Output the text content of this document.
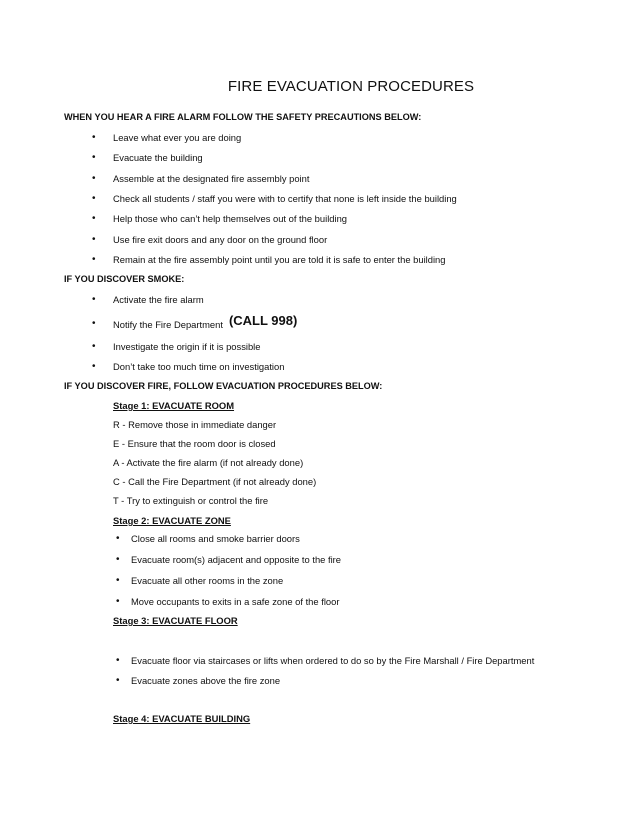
FIRE EVACUATION PROCEDURES
WHEN YOU HEAR A FIRE ALARM FOLLOW THE SAFETY PRECAUTIONS BELOW:
• Leave what ever you are doing
• Evacuate the building
• Assemble at the designated fire assembly point
• Check all students / staff you were with to certify that none is left inside the building
• Help those who can’t help themselves out of the building
• Use fire exit doors and any door on the ground floor
• Remain at the fire assembly point until you are told it is safe to enter the building
IF YOU DISCOVER SMOKE:
• Activate the fire alarm
• Notify the Fire Department (CALL 998)
• Investigate the origin if it is possible
• Don’t take too much time on investigation
IF YOU DISCOVER FIRE, FOLLOW EVACUATION PROCEDURES BELOW:
Stage 1: EVACUATE ROOM
R - Remove those in immediate danger
E - Ensure that the room door is closed
A - Activate the fire alarm (if not already done)
C - Call the Fire Department (if not already done)
T - Try to extinguish or control the fire
Stage 2: EVACUATE ZONE
• Close all rooms and smoke barrier doors
• Evacuate room(s) adjacent and opposite to the fire
• Evacuate all other rooms in the zone
• Move occupants to exits in a safe zone of the floor
Stage 3: EVACUATE FLOOR
• Evacuate floor via staircases or lifts when ordered to do so by the Fire Marshall / Fire Department
• Evacuate zones above the fire zone
Stage 4: EVACUATE BUILDING
